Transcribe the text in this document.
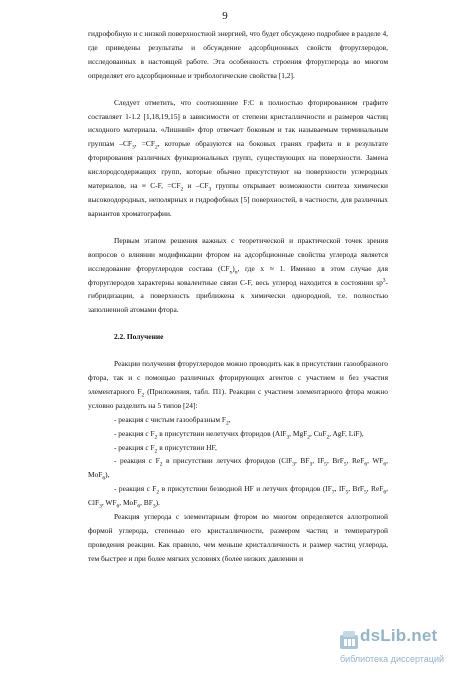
9

гидрофобную и с низкой поверхностной энергией, что будет обсуждено подробнее в разделе 4, где приведены результаты и обсуждение адсорбционных свойств фторуглеродов, исследованных в настоящей работе. Эта особенность строения фторуглерода во многом определяет его адсорбционные и трибологические свойства [1,2].

Следует отметить, что соотношение F:C в полностью фторированном графите составляет 1-1.2 [1,18,19,15] в зависимости от степени кристалличности и размеров частиц исходного материала. «Лишний» фтор отвечает боковым и так называемым терминальным группам $-CF_3$, $=CF_2$, которые образуются на боковых гранях графита и в результате фторирования различных функциональных групп, существующих на поверхности. Замена кислородсодержащих групп, которые обычно присутствуют на поверхности углеродных материалов, на ≡ C-F, $=CF_2$ и $-CF_3$ группы открывает возможности синтеза химически высокоодородных, неполярных и гидрофобных [5] поверхностей, в частности, для различных вариантов хроматографии.

Первым этапом решения важных с теоретической и практической точек зрения вопросов о влиянии модификации фтором на адсорбционные свойства углерода является исследование фторуглеродов состава $(CF_x)_n$, где x ≈ 1. Именно в этом случае для фторуглеродов характерны ковалентные связи C-F, весь углерод находится в состоянии $sp^3$-гибридизации, а поверхность приближена к химически однородной, т.е. полностью заполненной атомами фтора.

2.2. Получение

Реакции получения фторуглеродов можно проводить как в присутствии газообразного фтора, так и с помощью различных фторирующих агентов с участием и без участия элементарного $F_2$ (Приложения, табл. П1). Реакции с участием элементарного фтора можно условно разделить на 5 типов [24]:

- реакция с чистым газообразным $F_2$,

- реакция с $F_2$ в присутствии нелетучих фторидов (AlF$_3$, MgF$_2$, CuF$_2$, AgF, LiF),

- реакция с $F_2$ в присутствии HF,

- реакция с $F_2$ в присутствии летучих фторидов (ClF$_3$, $BF_3$, $IF_5$, BrF$_5$, ReF$_6$, $WF_6$, MoF$_6$),

- реакция с $F_2$ в присутствии безводной HF и летучих фторидов ($IF_7$, $IF_5$, BrF$_5$, ReF$_6$, ClF$_3$, $WF_6$, MoF$_6$, $BF_3$).

Реакция углерода с элементарным фтором во многом определяется аллотропной формой углерода, степенью его кристалличности, размером частиц и температурой проведения реакции. Как правило, чем меньше кристалличность и размер частиц углерода, тем быстрее и при более мягких условиях (более низких давлении и

dsLib.net
библиотека диссертаций
